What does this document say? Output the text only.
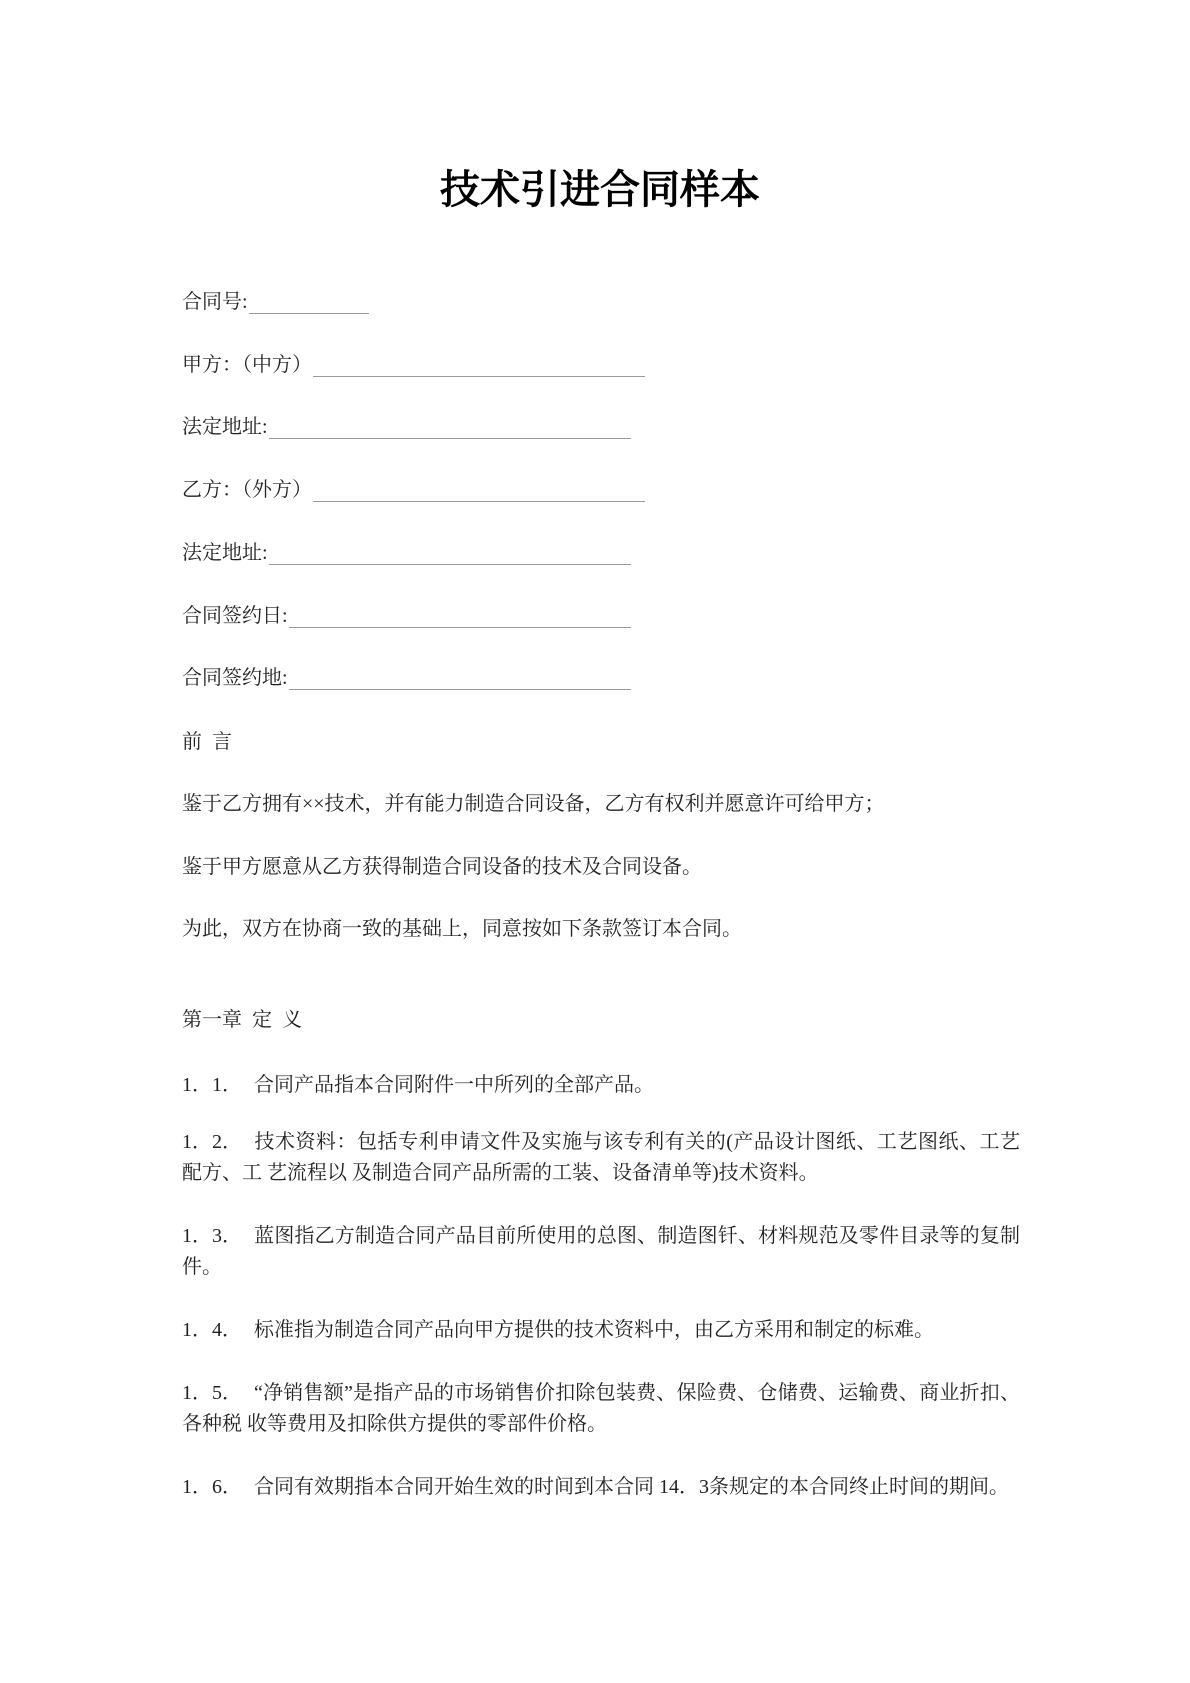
技术引进合同样本
合同号:
甲方：（中方）
法定地址:
乙方：（外方）
法定地址:
合同签约日:
合同签约地:
前  言
鉴于乙方拥有××技术，并有能力制造合同设备，乙方有权利并愿意许可给甲方；
鉴于甲方愿意从乙方获得制造合同设备的技术及合同设备。
为此，双方在协商一致的基础上，同意按如下条款签订本合同。
第一章  定  义
1．1． 合同产品指本合同附件一中所列的全部产品。
1．2． 技术资料：包括专利申请文件及实施与该专利有关的(产品设计图纸、工艺图纸、工艺配方、工 艺流程以 及制造合同产品所需的工装、设备清单等)技术资料。
1．3． 蓝图指乙方制造合同产品目前所使用的总图、制造图钎、材料规范及零件目录等的复制件。
1．4． 标准指为制造合同产品向甲方提供的技术资料中，由乙方采用和制定的标难。
1．5． “净销售额”是指产品的市场销售价扣除包装费、保险费、仓储费、运输费、商业折扣、各种税 收等费用及扣除供方提供的零部件价格。
1．6． 合同有效期指本合同开始生效的时间到本合同 14．3条规定的本合同终止时间的期间。
